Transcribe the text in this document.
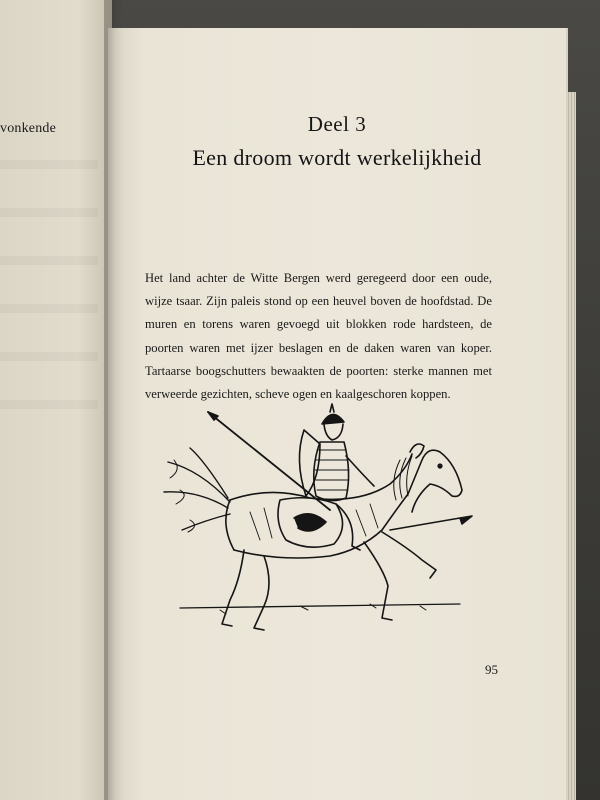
vonkende	Deel 3
Een droom wordt werkelijkheid

Het land achter de Witte Bergen werd geregeerd door een oude, wijze tsaar. Zijn paleis stond op een heuvel boven de hoofdstad. De muren en torens waren gevoegd uit blokken rode hardsteen, de poorten waren met ijzer beslagen en de daken waren van koper. Tartaarse boogschutters bewaakten de poorten: sterke mannen met verweerde gezichten, scheve ogen en kaalgeschoren koppen.

95
